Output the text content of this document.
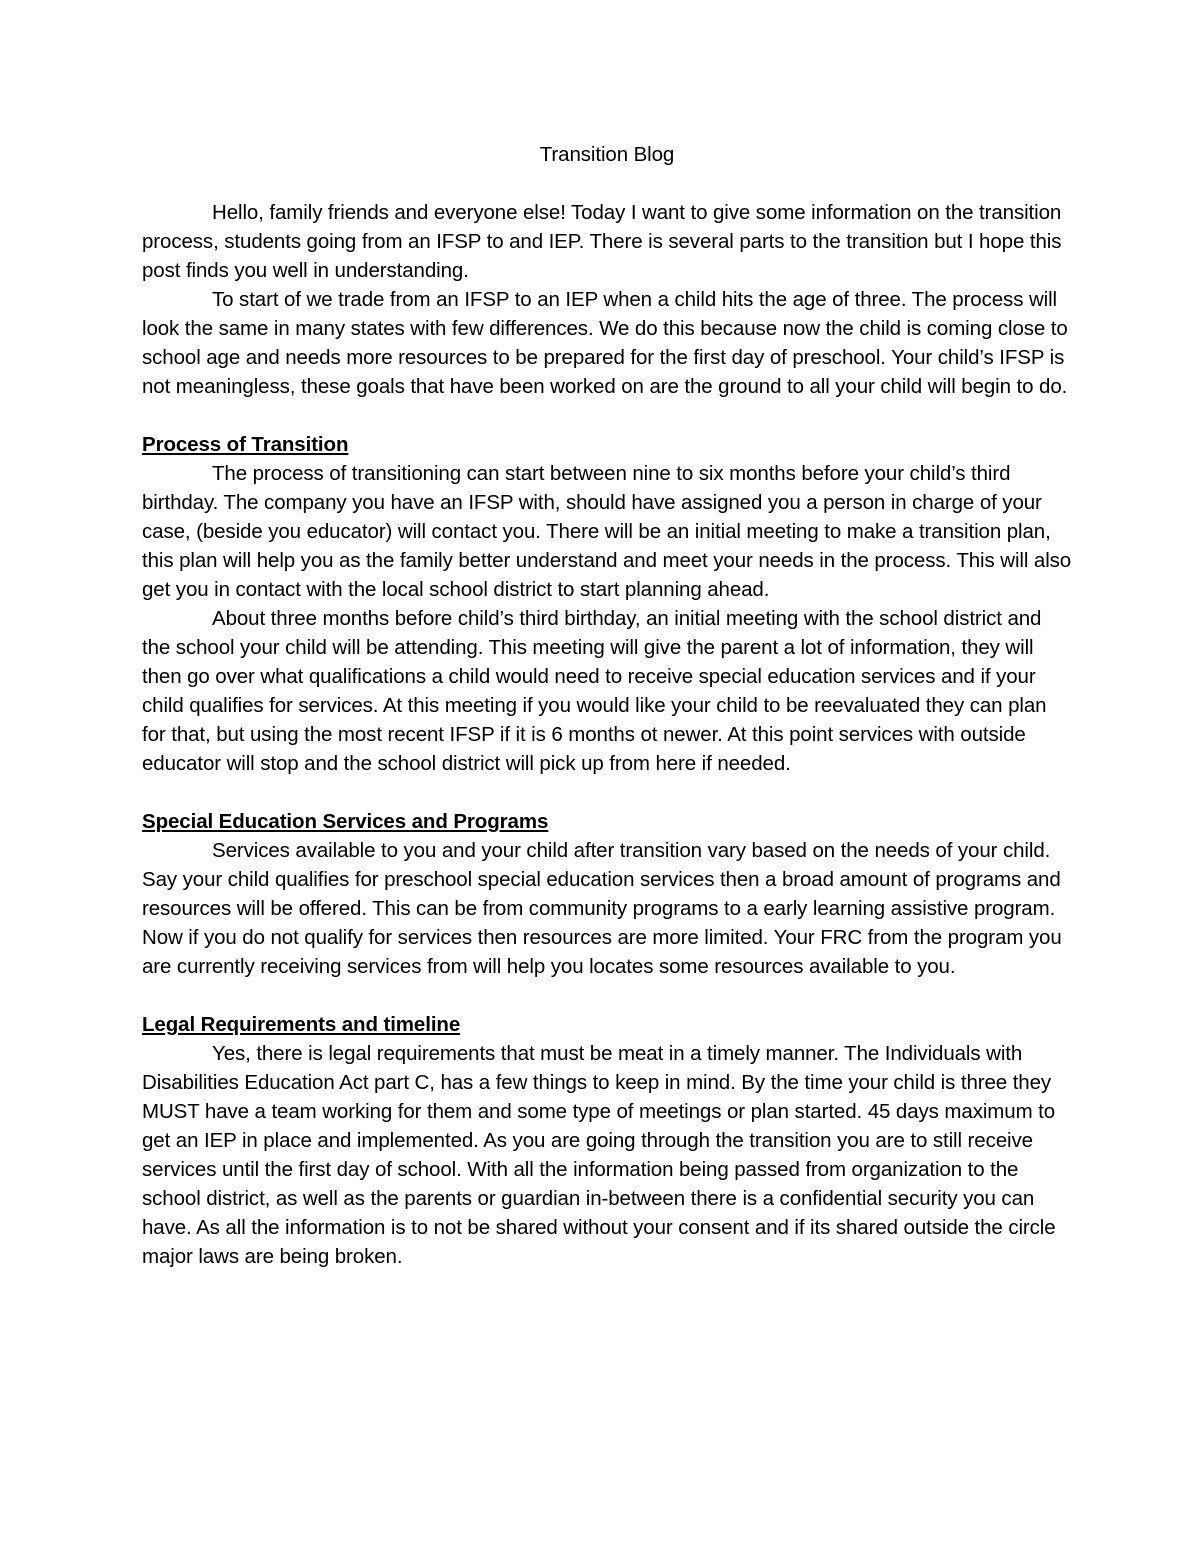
Transition Blog

Hello, family friends and everyone else! Today I want to give some information on the transition process, students going from an IFSP to and IEP. There is several parts to the transition but I hope this post finds you well in understanding.

To start of we trade from an IFSP to an IEP when a child hits the age of three. The process will look the same in many states with few differences. We do this because now the child is coming close to school age and needs more resources to be prepared for the first day of preschool. Your child’s IFSP is not meaningless, these goals that have been worked on are the ground to all your child will begin to do.

Process of Transition

The process of transitioning can start between nine to six months before your child’s third birthday. The company you have an IFSP with, should have assigned you a person in charge of your case, (beside you educator) will contact you. There will be an initial meeting to make a transition plan, this plan will help you as the family better understand and meet your needs in the process. This will also get you in contact with the local school district to start planning ahead.

About three months before child’s third birthday, an initial meeting with the school district and the school your child will be attending. This meeting will give the parent a lot of information, they will then go over what qualifications a child would need to receive special education services and if your child qualifies for services. At this meeting if you would like your child to be reevaluated they can plan for that, but using the most recent IFSP if it is 6 months ot newer. At this point services with outside educator will stop and the school district will pick up from here if needed.

Special Education Services and Programs

Services available to you and your child after transition vary based on the needs of your child. Say your child qualifies for preschool special education services then a broad amount of programs and resources will be offered. This can be from community programs to a early learning assistive program. Now if you do not qualify for services then resources are more limited. Your FRC from the program you are currently receiving services from will help you locates some resources available to you.

Legal Requirements and timeline

Yes, there is legal requirements that must be meat in a timely manner. The Individuals with Disabilities Education Act part C, has a few things to keep in mind. By the time your child is three they MUST have a team working for them and some type of meetings or plan started. 45 days maximum to get an IEP in place and implemented. As you are going through the transition you are to still receive services until the first day of school. With all the information being passed from organization to the school district, as well as the parents or guardian in-between there is a confidential security you can have. As all the information is to not be shared without your consent and if its shared outside the circle major laws are being broken.
